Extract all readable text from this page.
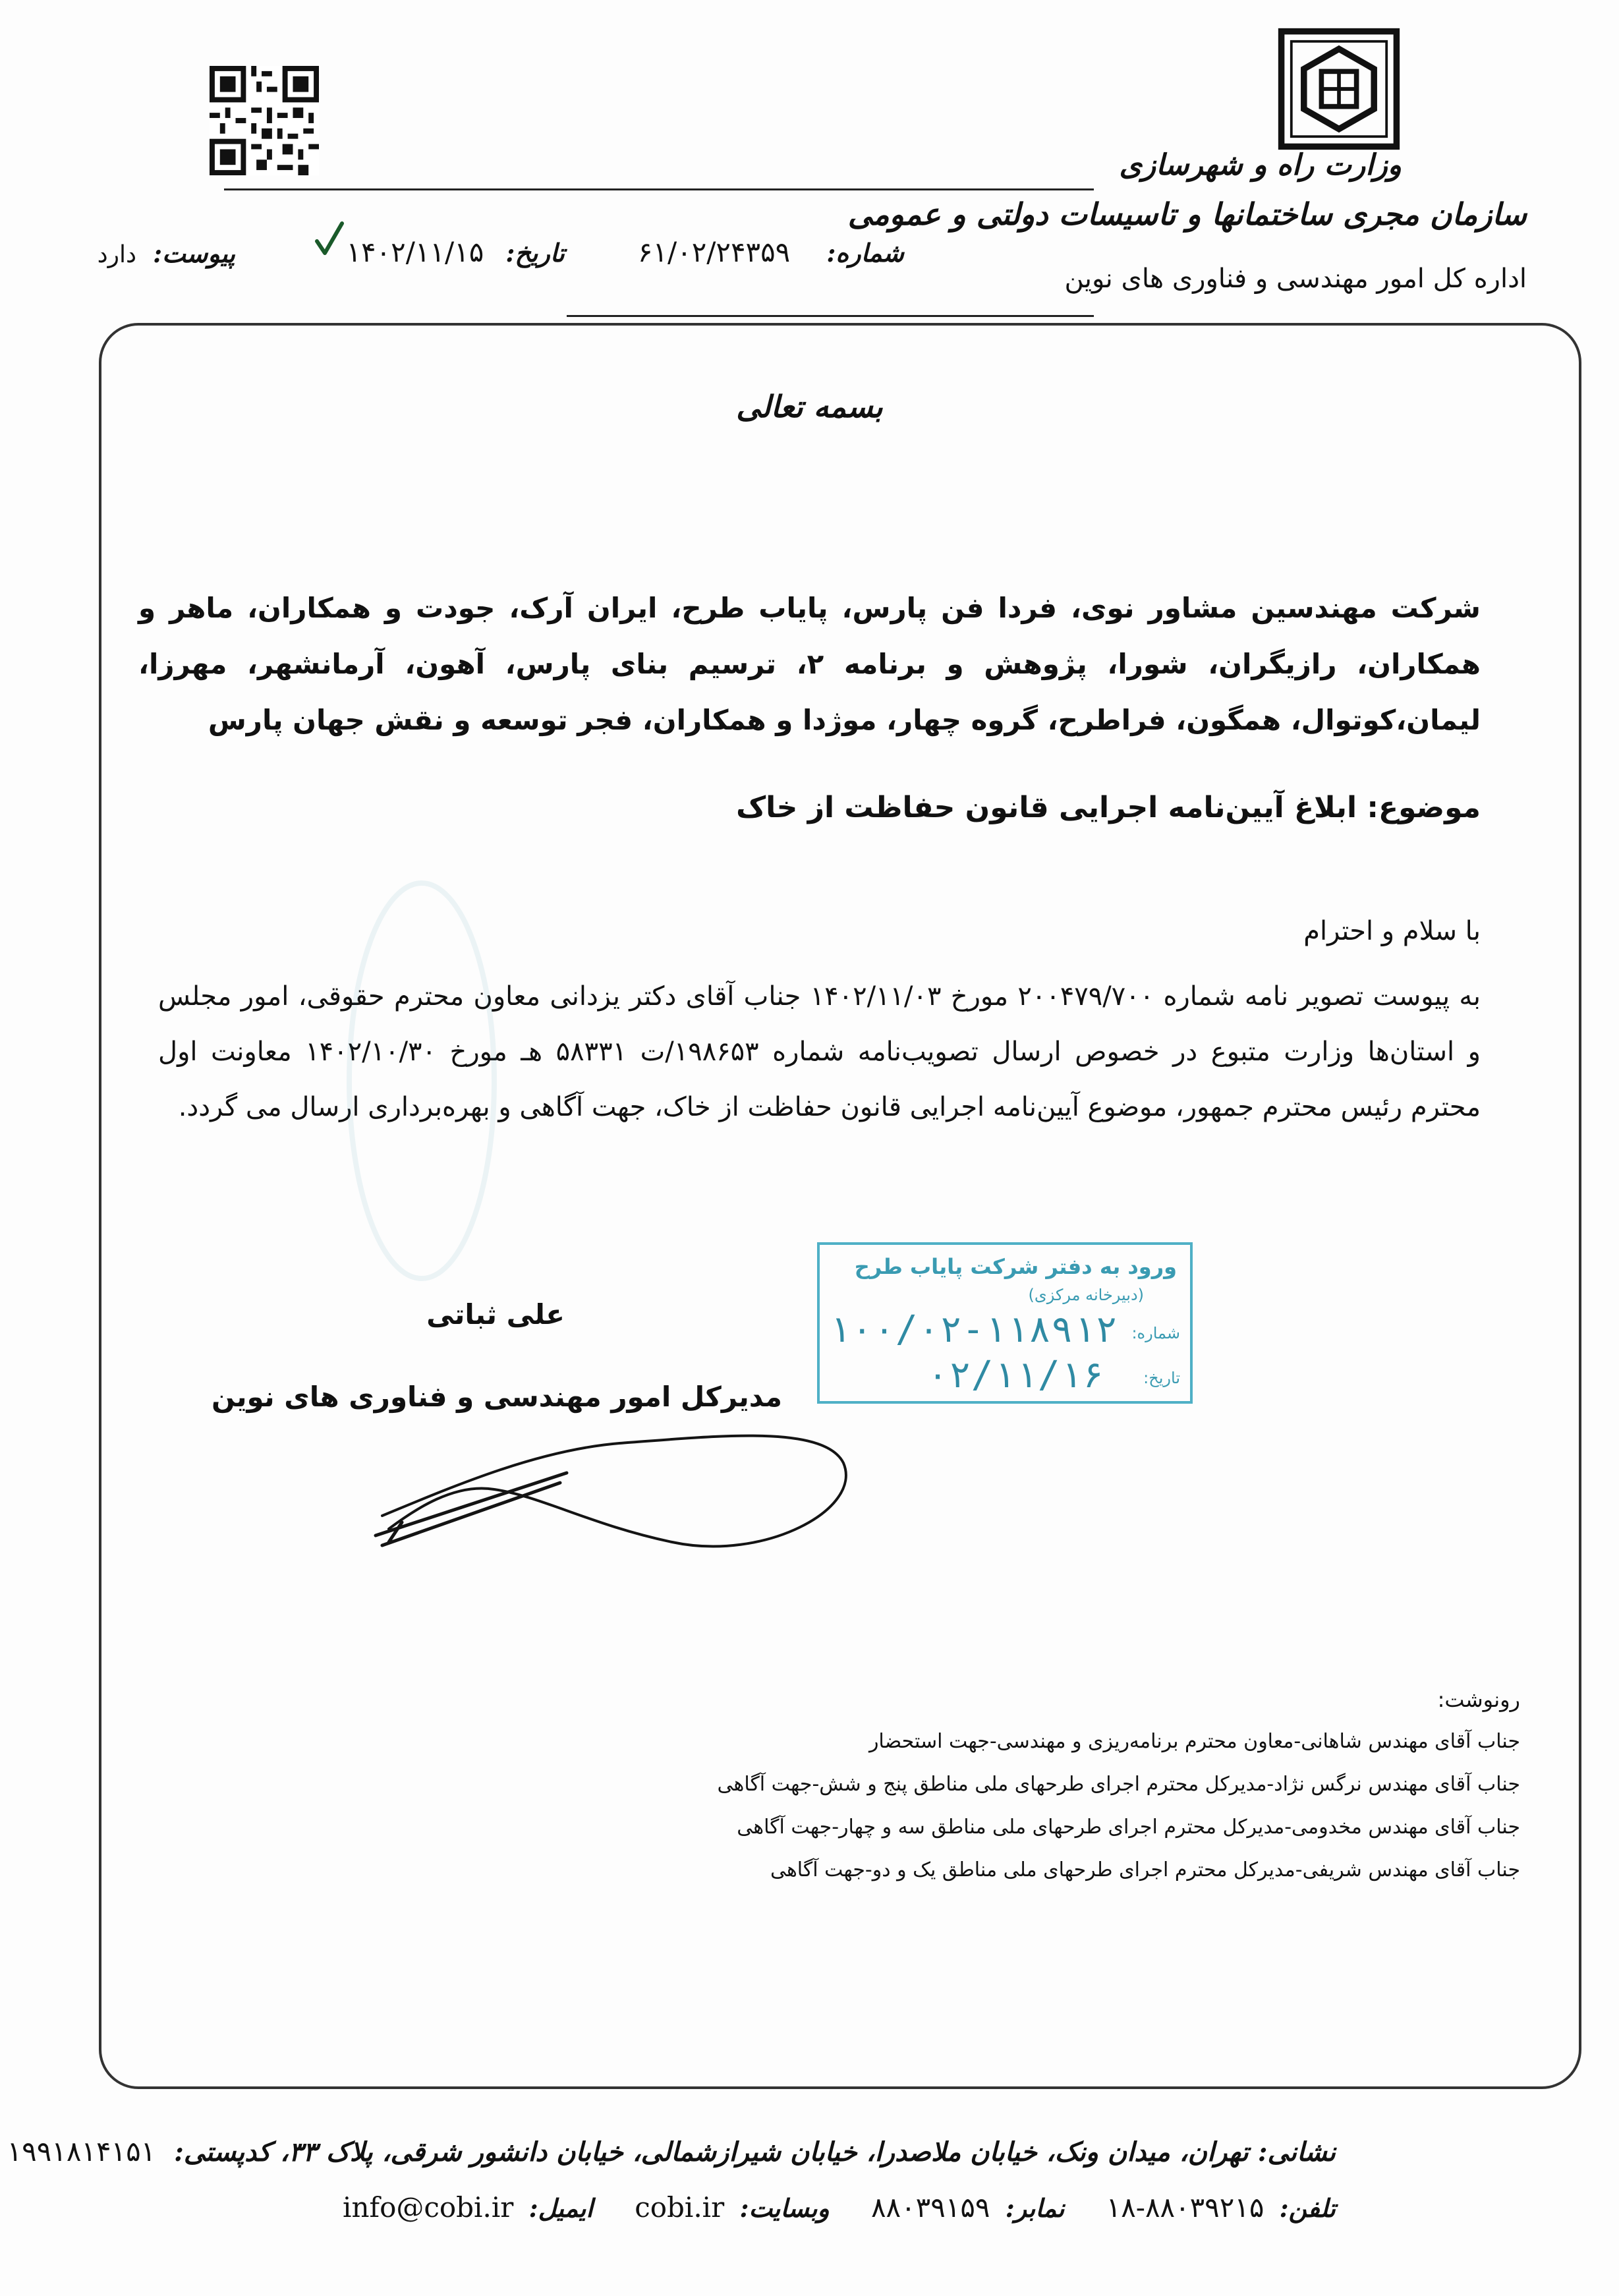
وزارت راه و شهرسازی
سازمان مجری ساختمانها و تاسیسات دولتی و عمومی
اداره کل امور مهندسی و فناوری های نوین
شماره: ۶۱/۰۲/۲۴۳۵۹
تاریخ: ۱۴۰۲/۱۱/۱۵
پیوست: دارد
بسمه تعالی
شرکت مهندسین مشاور نوی، فردا فن پارس، پایاب طرح، ایران آرک، جودت و همکاران، ماهر و همکاران، رازیگران، شورا، پژوهش و برنامه ۲، ترسیم بنای پارس، آهون، آرمانشهر، مهرزا، لیمان،کوتوال، همگون، فراطرح، گروه چهار، موژدا و همکاران، فجر توسعه و نقش جهان پارس
موضوع: ابلاغ آیین‌نامه اجرایی قانون حفاظت از خاک
با سلام و احترام
به پیوست تصویر نامه شماره ۲۰۰۴۷۹/۷۰۰ مورخ ۱۴۰۲/۱۱/۰۳ جناب آقای دکتر یزدانی معاون محترم حقوقی، امور مجلس و استان‌ها وزارت متبوع در خصوص ارسال تصویب‌نامه شماره ۱۹۸۶۵۳/ت ۵۸۳۳۱ هـ مورخ ۱۴۰۲/۱۰/۳۰ معاونت اول محترم رئیس محترم جمهور، موضوع آیین‌نامه اجرایی قانون حفاظت از خاک، جهت آگاهی و بهره‌برداری ارسال می گردد.
ورود به دفتر شرکت پایاب طرح
(دبیرخانه مرکزی)
شماره:
۱۰۰/۰۲-۱۱۸۹۱۲
تاریخ:
۰۲/۱۱/۱۶
علی ثباتی
مدیرکل امور مهندسی و فناوری های نوین
رونوشت:
جناب آقای مهندس شاهانی-معاون محترم برنامه‌ریزی و مهندسی-جهت استحضار
جناب آقای مهندس نرگس نژاد-مدیرکل محترم اجرای طرحهای ملی مناطق پنج و شش-جهت آگاهی
جناب آقای مهندس مخدومی-مدیرکل محترم اجرای طرحهای ملی مناطق سه و چهار-جهت آگاهی
جناب آقای مهندس شریفی-مدیرکل محترم اجرای طرحهای ملی مناطق یک و دو-جهت آگاهی
نشانی: تهران، میدان ونک، خیابان ملاصدرا، خیابان شیرازشمالی، خیابان دانشور شرقی، پلاک ۳۳، کدپستی: ۱۹۹۱۸۱۴۱۵۱
تلفن: ۱۸-۸۸۰۳۹۲۱۵ نمابر: ۸۸۰۳۹۱۵۹ وبسایت: cobi.ir ایمیل: info@cobi.ir
